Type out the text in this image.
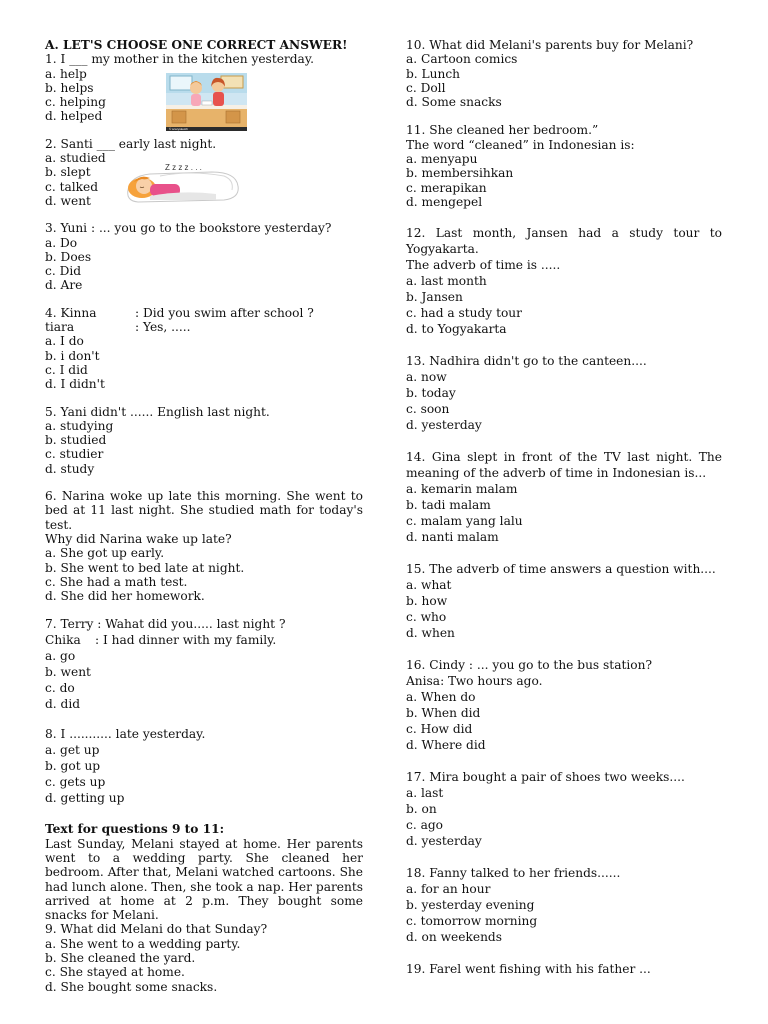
A. LET'S CHOOSE ONE CORRECT ANSWER!
1. I ___ my mother in the kitchen yesterday.
a. help
b. helps
c. helping
d. helped
2. Santi ___ early last night.
a. studied
b. slept
c. talked
d. went
3. Yuni : ... you go to the bookstore yesterday?
a. Do
b. Does
c. Did
d. Are
4. Kinna	: Did you swim after school ?
tiara	: Yes, .....
a. I do
b. i don't
c. I did
d. I didn't
5. Yani didn't ...... English last night.
a. studying
b. studied
c. studier
d. study
6. Narina woke up late this morning. She went to bed at 11 last night. She studied math for today's test.
Why did Narina wake up late?
a. She got up early.
b. She went to bed late at night.
c. She had a math test.
d. She did her homework.
7. Terry : Wahat did you..... last night ?
Chika	: I had dinner with my family.
a. go
b. went
c. do
d. did
8. I ........... late yesterday.
a. get up
b. got up
c. gets up
d. getting up
Text for questions 9 to 11:
Last Sunday, Melani stayed at home. Her parents went to a wedding party. She cleaned her bedroom. After that, Melani watched cartoons. She had lunch alone. Then, she took a nap. Her parents arrived at home at 2 p.m. They bought some snacks for Melani.
9. What did Melani do that Sunday?
a. She went to a wedding party.
b. She cleaned the yard.
c. She stayed at home.
d. She bought some snacks.
© scarysketch
Z z z z . . .
10. What did Melani's parents buy for Melani?
a. Cartoon comics
b. Lunch
c. Doll
d. Some snacks
11. She cleaned her bedroom.”
The word “cleaned” in Indonesian is:
a. menyapu
b. membersihkan
c. merapikan
d. mengepel
12. Last month, Jansen had a study tour to Yogyakarta.
The adverb of time is .....
a. last month
b. Jansen
c. had a study tour
d. to Yogyakarta
13. Nadhira didn't go to the canteen....
a. now
b. today
c. soon
d. yesterday
14. Gina slept in front of the TV last night. The meaning of the adverb of time in Indonesian is...
a. kemarin malam
b. tadi malam
c. malam yang lalu
d. nanti malam
15. The adverb of time answers a question with....
a. what
b. how
c. who
d. when
16. Cindy : ... you go to the bus station?
Anisa: Two hours ago.
a. When do
b. When did
c. How did
d. Where did
17. Mira bought a pair of shoes two weeks....
a. last
b. on
c. ago
d. yesterday
18. Fanny talked to her friends......
a. for an hour
b. yesterday evening
c. tomorrow morning
d. on weekends
19. Farel went fishing with his father ...
